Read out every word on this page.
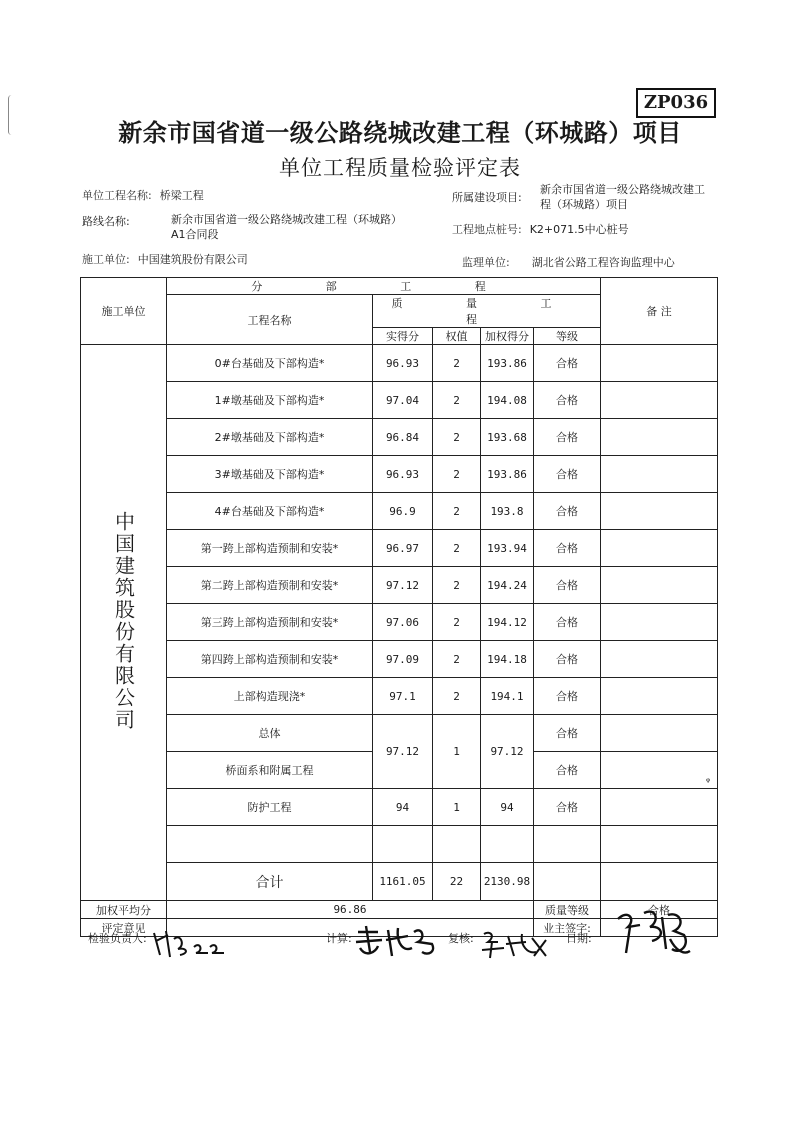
ZP036
新余市国省道一级公路绕城改建工程（环城路）项目
单位工程质量检验评定表
单位工程名称: 桥梁工程
路线名称:	新余市国省道一级公路绕城改建工程（环城路）
A1合同段
施工单位: 中国建筑股份有限公司
所属建设项目:
新余市国省道一级公路绕城改建工
程（环城路）项目
工程地点桩号: K2+071.5中心桩号
监理单位: 湖北省公路工程咨询监理中心
施工单位	分 部 工 程					备 注
	工程名称	质 量 工 程				
		实得分	权值	加权得分	等级	
中国建筑股份有限公司	0#台基础及下部构造*	96.93	2	193.86	合格	
	1#墩基础及下部构造*	97.04	2	194.08	合格	
	2#墩基础及下部构造*	96.84	2	193.68	合格	
	3#墩基础及下部构造*	96.93	2	193.86	合格	
	4#台基础及下部构造*	96.9	2	193.8	合格	
	第一跨上部构造预制和安装*	96.97	2	193.94	合格	
	第二跨上部构造预制和安装*	97.12	2	194.24	合格	
	第三跨上部构造预制和安装*	97.06	2	194.12	合格	
	第四跨上部构造预制和安装*	97.09	2	194.18	合格	
	上部构造现浇*	97.1	2	194.1	合格	
	总体	97.12	1	97.12	合格	
	桥面系和附属工程				合格	
	防护工程	94	1	94	合格	

	合计	1161.05	22	2130.98		
加权平均分	96.86				质量等级	合格
评定意见					业主签字:	
检验负责人:	计算:	复核:	日期:
ᵠ
